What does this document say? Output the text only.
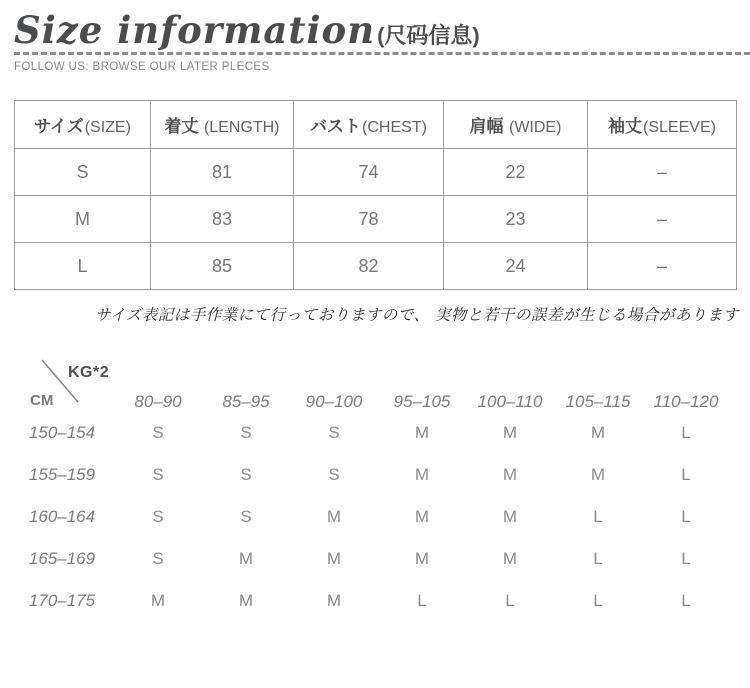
Size information(尺码信息)
FOLLOW US: BROWSE OUR LATER PLECES
サイズ(SIZE)	着丈 (LENGTH)	バスト(CHEST)	肩幅 (WIDE)	袖丈(SLEEVE)
S	81	74	22	–
M	83	78	23	–
L	85	82	24	–
サイズ表記は手作業にて行っておりますので、 実物と若干の誤差が生じる場合があります
KG*2
CM	80–90	85–95	90–100	95–105	100–110	105–115	110–120
150–154	S	S	S	M	M	M	L
155–159	S	S	S	M	M	M	L
160–164	S	S	M	M	M	L	L
165–169	S	M	M	M	M	L	L
170–175	M	M	M	L	L	L	L
